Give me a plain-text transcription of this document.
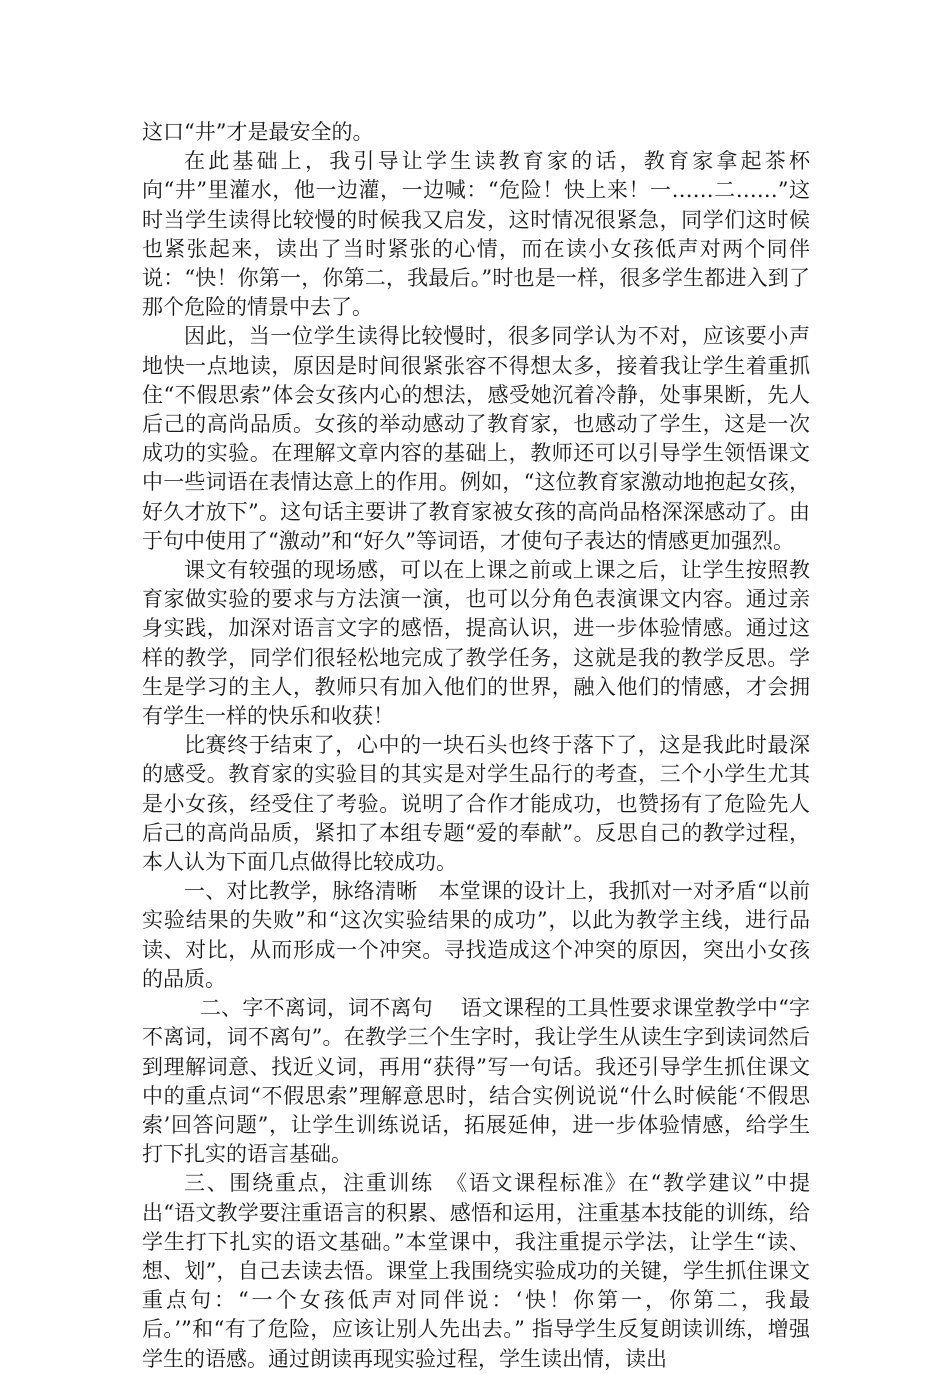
这口“井”才是最安全的。

在此基础上，我引导让学生读教育家的话，教育家拿起茶杯向“井”里灌水，他一边灌，一边喊：“危险！快上来！一……二……”这时当学生读得比较慢的时候我又启发，这时情况很紧急，同学们这时候也紧张起来，读出了当时紧张的心情，而在读小女孩低声对两个同伴说：“快！你第一，你第二，我最后。”时也是一样，很多学生都进入到了那个危险的情景中去了。

因此，当一位学生读得比较慢时，很多同学认为不对，应该要小声地快一点地读，原因是时间很紧张容不得想太多，接着我让学生着重抓住“不假思索”体会女孩内心的想法，感受她沉着冷静，处事果断，先人后己的高尚品质。女孩的举动感动了教育家，也感动了学生，这是一次成功的实验。在理解文章内容的基础上，教师还可以引导学生领悟课文中一些词语在表情达意上的作用。例如，“这位教育家激动地抱起女孩，好久才放下”。这句话主要讲了教育家被女孩的高尚品格深深感动了。由于句中使用了“激动”和“好久”等词语，才使句子表达的情感更加强烈。

课文有较强的现场感，可以在上课之前或上课之后，让学生按照教育家做实验的要求与方法演一演，也可以分角色表演课文内容。通过亲身实践，加深对语言文字的感悟，提高认识，进一步体验情感。通过这样的教学，同学们很轻松地完成了教学任务，这就是我的教学反思。学生是学习的主人，教师只有加入他们的世界，融入他们的情感，才会拥有学生一样的快乐和收获！

比赛终于结束了，心中的一块石头也终于落下了，这是我此时最深的感受。教育家的实验目的其实是对学生品行的考查，三个小学生尤其是小女孩，经受住了考验。说明了合作才能成功，也赞扬有了危险先人后己的高尚品质，紧扣了本组专题“爱的奉献”。反思自己的教学过程，本人认为下面几点做得比较成功。

一、对比教学，脉络清晰　本堂课的设计上，我抓对一对矛盾“以前实验结果的失败”和“这次实验结果的成功”，以此为教学主线，进行品读、对比，从而形成一个冲突。寻找造成这个冲突的原因，突出小女孩的品质。

二、字不离词，词不离句　 语文课程的工具性要求课堂教学中“字不离词，词不离句”。在教学三个生字时，我让学生从读生字到读词然后到理解词意、找近义词，再用“获得”写一句话。我还引导学生抓住课文中的重点词“不假思索”理解意思时，结合实例说说“什么时候能‘不假思索’回答问题”，让学生训练说话，拓展延伸，进一步体验情感，给学生打下扎实的语言基础。

三、围绕重点，注重训练　《语文课程标准》在“教学建议”中提出“语文教学要注重语言的积累、感悟和运用，注重基本技能的训练，给学生打下扎实的语文基础。”本堂课中，我注重提示学法，让学生“读、想、划”，自己去读去悟。课堂上我围绕实验成功的关键，学生抓住课文重点句：“一个女孩低声对同伴说：‘快！你第一，你第二，我最后。’”和“有了危险，应该让别人先出去。” 指导学生反复朗读训练，增强学生的语感。通过朗读再现实验过程，学生读出情，读出
